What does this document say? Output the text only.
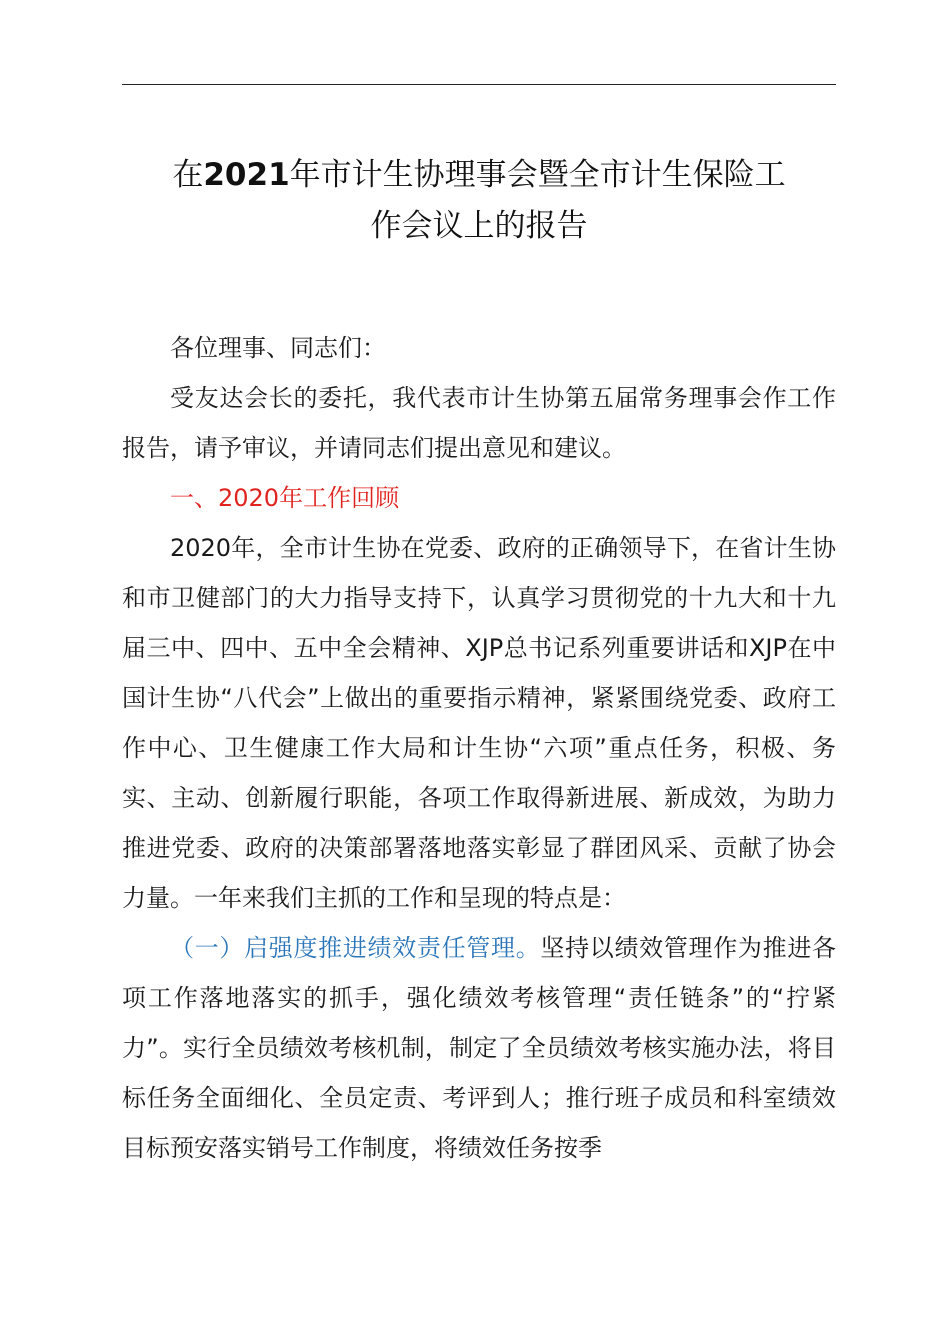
在2021年市计生协理事会暨全市计生保险工
作会议上的报告

各位理事、同志们：

受友达会长的委托，我代表市计生协第五届常务理事会作工作报告，请予审议，并请同志们提出意见和建议。

一、2020年工作回顾

2020年，全市计生协在党委、政府的正确领导下，在省计生协和市卫健部门的大力指导支持下，认真学习贯彻党的十九大和十九届三中、四中、五中全会精神、XJP总书记系列重要讲话和XJP在中国计生协“八代会”上做出的重要指示精神，紧紧围绕党委、政府工作中心、卫生健康工作大局和计生协“六项”重点任务，积极、务实、主动、创新履行职能，各项工作取得新进展、新成效，为助力推进党委、政府的决策部署落地落实彰显了群团风采、贡献了协会力量。一年来我们主抓的工作和呈现的特点是：

（一）启强度推进绩效责任管理。坚持以绩效管理作为推进各项工作落地落实的抓手，强化绩效考核管理“责任链条”的“拧紧力”。实行全员绩效考核机制，制定了全员绩效考核实施办法，将目标任务全面细化、全员定责、考评到人；推行班子成员和科室绩效目标预安落实销号工作制度，将绩效任务按季
